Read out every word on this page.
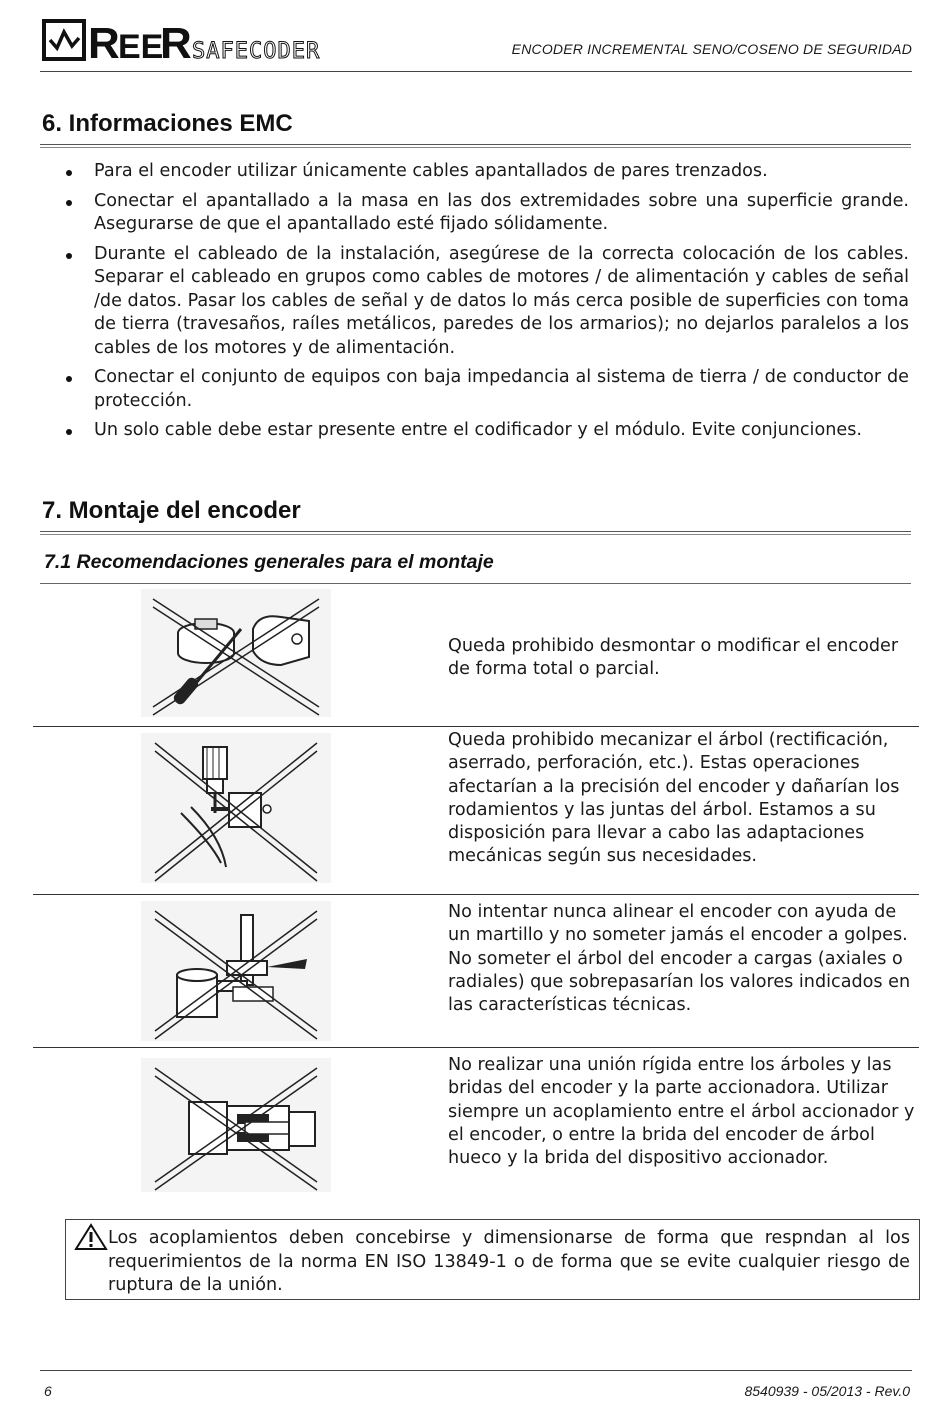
R
EE
R SAFECODER	ENCODER INCREMENTAL SENO/COSENO DE SEGURIDAD
6. Informaciones EMC
Para el encoder utilizar únicamente cables apantallados de pares trenzados.
Conectar el apantallado a la masa en las dos extremidades sobre una superficie grande. Asegurarse de que el apantallado esté fijado sólidamente.
Durante el cableado de la instalación, asegúrese de la correcta colocación de los cables. Separar el cableado en grupos como cables de motores / de alimentación y cables de señal /de datos. Pasar los cables de señal y de datos lo más cerca posible de superficies con toma de tierra (travesaños, raíles metálicos, paredes de los armarios); no dejarlos paralelos a los cables de los motores y de alimentación.
Conectar el conjunto de equipos con baja impedancia al sistema de tierra / de conductor de protección.
Un solo cable debe estar presente entre el codificador y el módulo. Evite conjunciones.
7. Montaje del encoder
7.1 Recomendaciones generales para el montaje
Queda prohibido desmontar o modificar el encoder de forma total o parcial.
Queda prohibido mecanizar el árbol (rectificación, aserrado, perforación, etc.). Estas operaciones afectarían a la precisión del encoder y dañarían los rodamientos y las juntas del árbol. Estamos a su disposición para llevar a cabo las adaptaciones mecánicas según sus necesidades.
No intentar nunca alinear el encoder con ayuda de un martillo y no someter jamás el encoder a golpes. No someter el árbol del encoder a cargas (axiales o radiales) que sobrepasarían los valores indicados en las características técnicas.
No realizar una unión rígida entre los árboles y las bridas del encoder y la parte accionadora. Utilizar siempre un acoplamiento entre el árbol accionador y el encoder, o entre la brida del encoder de árbol hueco y la brida del dispositivo accionador.
Los acoplamientos deben concebirse y dimensionarse de forma que respndan al los requerimientos de la norma EN ISO 13849-1 o de forma que se evite cualquier riesgo de ruptura de la unión.
6	8540939 - 05/2013 - Rev.0
